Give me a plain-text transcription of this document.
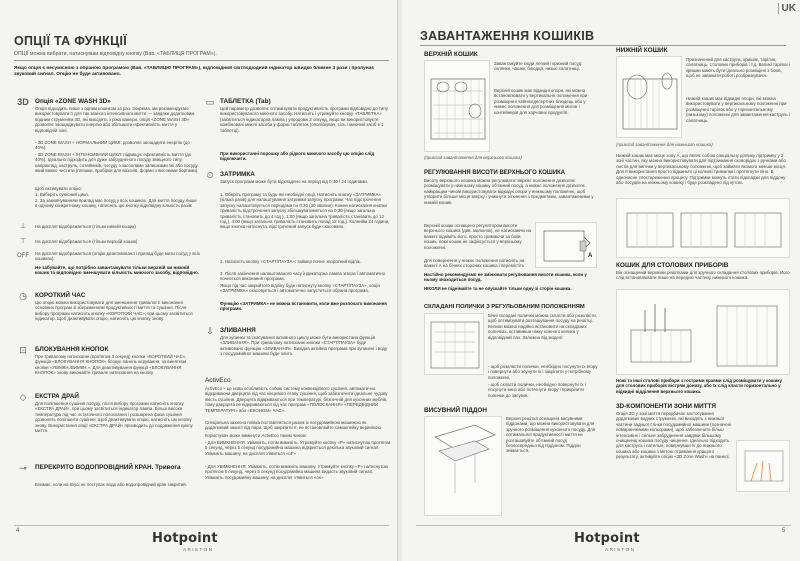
ОПЦІЇ ТА ФУНКЦІЇ
ОПЦІЇ можна вибрати, натиснувши відповідну кнопку (Вав. «ТАБЛИЦЯ ПРОГРАМ»).
Якщо опція є несумісною з обраною програмою (Вав. «ТАБЛИЦЮ ПРОГРАМ»), відповідний світлодіодний індикатор швидко блимне 3 рази і пролунає звуковий сигнал. Опцію не буде активовано.
3D Опція «ZONE WASH 3D»
Опція підходить лише з одним кошиком за раз. Зокрема, ми рекомендуємо використовувати її для так званого інтенсивного миття — завдяки додатковим водним струменям 3D, які виходять з ріжа камери, опція «ZONE WASH 3D» дозволяє заощаджувати енергію або збільшити ефективність миття у відповідній зоні.
- 3D ZONE WASH + НОРМАЛЬНИЙ ЦИКЛ: дозволяє заощадити енергію (до 40%).
- 3D ZONE WASH + ІНТЕНСИВНИЙ ЦИКЛ: підвищує ефективність миття (до 40%). Ідеально підходить для дуже забрудненого посуду звищного типу, наприклад, каструль, сотейників, посуду з засохлими залишками їжі або посуду, який важко чистити (пляшки, пробірки для вазонів, форми з високими бортами).
Щоб активувати опцію:
1. Виберіть сумісний цикл.
2. За замовчуванням прилад має посуд у всіх кошиках. Для миття посуду лише в одному конкретному кошику, натисніть цю кнопку відповідну кількість разів:
⊥	На дисплеї відображається (тільки нижній кошик)
⊤	На дисплеї відображається (тільки верхній кошик)
OFF	На дисплеї відображається (опцію деактивовано і прилад буде мити посуд у всіх кошиках).
Не забувайте, що потрібно завантажувати тільки верхній чи нижній кошик та відповідно зменшувати кількість миючого засобу, відповідно.
◷	КОРОТКИЙ ЧАС
Цю опцію можна використовувати для зменшення тривалості виконання основних програм зі збереженням продуктивності миття та сушіння. Після вибору програми натисніть кнопку «КОРОТКИЙ ЧАС», при цьому засвітиться індикатор. Щоб деактивувати опцію, натисніть цю кнопку знову.
⊡	БЛОКУВАННЯ КНОПОК
При тривалому натисканні (протягом 3 секунд) кнопки «КОРОТКИЙ ЧАС», функція «БЛОКУВАННЯ КНОПОК» блокує панель керування, за винятком кнопки «УВІМКН./ВИМКН.». Для деактивування функції «БЛОКУВАННЯ КНОПОК» знову виконайте тривале натискання на кнопку.
◇	ЕКСТРА ДРАЙ
Для поліпшення сушіння посуду, після вибору програми натисніть кнопку «ЕКСТРА ДРАЙ», при цьому засвітиться індикатор лампа. Більш висока температура під час остаточного полоскання і розширена фаза сушіння дозволять поліпшити сушіння. Щоб деактивувати опцію, натисніть цю кнопку знову. Використання опції «ЕКСТРА ДРАЙ» призводить до подовження циклу миття.
⊸	ПЕРЕКРИТО ВОДОПРОВІДНИЙ КРАН. Тривога
Блимає, коли на вхусі не поступає вода або водопровідний кран закритий.
▭ ТАБЛЕТКА (Tab)
Цей параметр дозволяє оптимізувати продуктивність програми відповідно до типу використовуваного миючого засобу. Натисніть і утримуйте кнопку «ТАБЛЕТКА» (засвітиться індикаторна лампа ) упродовж 3 секунд, якщо ви використовуєте комбіновані миючі засоби у формі таблеток (ополіскувач, сіль і миючий засіб в 1 таблетці).
При використанні порошку або рідкого миючого засобу цю опцію слід відключити.
⏲	ЗАТРИМКА
Запуск програми може бути відкладено на період від 0:30 / 24 годинами.
1. Оберіть програму та будь-які необхідні опції. Натисніть кнопку «ЗАТРИМКА» (кілька разів) для налаштування затримки запуску програми. Час відстрочення запуску налаштовується періодами по 0:30 (30 хвилин). Кожне натискання кнопки тривалість відстрочення запуску збільшуватиметься на 0:30 (якщо загальна тривалість становить до 4 год.), 1:00 (якщо загальна тривалість становить до 12 год.), 4:00 (якщо загальна тривалість становить понад 12 год.). Колнийм 24 години, якщо кнопка натиснута, відстрочений запуск буде скасовано.
2. Натисніть кнопку «СТАРТ/ПАУЗА»: таймер почне зворотний відлік.
3. Після закінчення налаштованого часу індикаторна лампа згасає і автоматично почнеться виконання програми.
Якщо під час закрийтого відліку буде натиснуту кнопку «СТАРТ/ПАУЗА», опція «ЗАТРИМКА» скасовується і автоматично запуститься обрана програма.
Функцію «ЗАТРИМКА» не можна встановити, коли вже розпочато виконання програми.
⇩ ЗЛИВАННЯ
Для зупинки та скасування активного циклу може бути використана функція «ЗЛИВАННЯ». При тривалому натисканні кнопки «СТАРТ/ПАУЗА» буде активовано функцію «ЗЛИВАННЯ». Вихідна активна програма при зупинені і воду з посудомийної машини буде злито.
ActivEco
ActivEco – це нова особливість собою систему конвекційного сушіння, автоматично відкриваючи дверцята під час кінцевого етапу сушіння, щоб забезпечити ідеальне чудову якість сушіння. Дверцята відкриваються при температурі, безпечній для кухонних меблів, тому дверцята не відкриваються під час програмі «ПОЛОСКАННЯ» «ПЕРЕДВІДНИЙ ТЕМПЕРАТУРІ» або «ЕКОНОМ» ЧАС».
Спеціальна захисна плівка поставляється разом із посудомийною машиною як додатковий захист від пари. Щоб закріпити її, не встановлюйте самоклейку вериніхою
Користувач може вимкнути ActivEco таким чином:
- Для ВИМКНЕННЯ. Увімкніть, потім вимкніть. Утримуйте кнопку «P» натиснутою протягом 5 секунд, через 5 секунд посудомийна машина відкриється декілька звуковий сигнал. Увімкніть машину, на дисплеї з'явиться «oF»
- Для УВІМКНЕННЯ. Увімкніть, потім вимкніть машину. Утримуйте кнопку «P» натиснутою протягом 5 секунд, через 5 секунд посудомийна машина видасть звуковий сигнал. Увімкніть посудомийну машину, на дисплеї з'явиться «on»
4	Hotpoint
ARISTON
UK
ЗАВАНТАЖЕННЯ КОШИКІВ
ВЕРХНІЙ КОШИК
Завантажуйте сюди легкий і крихкий посуд: склянки, чашки, блюдця, низькі салатниці.
Верхній кошик має відкидні опори, які можна встановлювати у вертикальне положення при розміщенні чайних/десертних блюдець або у нижнє положення для розміщення мисок і контейнерів для харчових продуктів.
(приклад завантаження для верхнього кошика)
РЕГУЛЮВАННЯ ВИСОТИ ВЕРХНЬОГО КОШИКА
Висоту верхнього кошика можна регулювати: верхнє положення дозволяє розміщувати у нижньому кошику об'ємний посуд, а нижнє положення дозволяє найкращим чином використовувати відкидні опори у нижньому положенні, щоб утворити більше місця зверху і уникнути зіткнення з предметами, завантаженими у нижній кошик.
Верхній кошик оснащено регулятором висоти верхнього кошика (див. малюнок), не натискаючи на важелі підніміть його, просто тримаючи за боки кошик, поки кошик не зафіксується у верхньому положенні.
A
Для повернення у нижнє положення натисніть на важелі А на бічних сторонах кошика і перемістіть
Настійно рекомендуємо не змінювати регулювання висоти кошика, коли у ньому знаходиться посуд.
НІКОЛИ не піднімайте та не опускайте тільки одну зі сторін кошика.
СКЛАДАНІ ПОЛИЧКИ З РЕГУЛЬОВАНИМ ПОЛОЖЕННЯМ
Бічні складані полички можна скласти або розкласти, щоб оптимізувати розташування посуду на решітці. Келихи можна надійно встановити на складаних поличках, вставивши ніжку кожного келиха у відповідний паз. Залежно від моделі:
- щоб розкласти полички, необхідно посунути їх вгору і повернути або зсунути їх і закріпити у потрібному положенні,
- щоб скласти полички, необхідно повернути їх і посунути вниз або потягнути вгору і прикріпити полички до засувок.
ВИСУВНИЙ ПІДДОН
Верхня решітка оснащена висувними піддонами, що можна використовувати для зручного розміщення кухонного посуду. Для оптимальної продуктивності миття не розташовуйте об'ємний посуд безпосередньо під піддоном. Піддон знімається.
НИЖНІЙ КОШИК
Призначений для каструль, кришок, тарілок, салатниць, столових приборів і т.д. Великі тарілки і кришки мають бути ідеально розміщені з боків, щоб не заважати роботі розбризкувача.
Нижній кошик має відкидні опори, які можна використовувати у вертикальному положенні при розміщенні тарілок або у горизонтальному (низькому) положенні для завантаження каструль і салатниць.
(приклад завантаження для нижнього кошика)
Нижній кошик має місце зону А, що являє собою спеціальну ділянку підтримку у 2 зоні частин, яку можна використовувати для підтримання сковорідок з ручками або листів для випічки у вертикальному положенні, щоб займати якомога менше місця. Для її використання просто відкиньте ці колкові трималки і протягнути піно. В одночасне спостереження процесу. Підтримки можуть стати підкладки для піддону або посудки на нижньому кошику і буде розкладено під кутом.
КОШИК ДЛЯ СТОЛОВИХ ПРИБОРІВ
Він оснащений верхніми решітками для зручного складання столових приборів. Його слід встановлювати лише на передню частину нижнього кошика.
Ножі та інші столові прибори з гострими краями слід розміщувати у кошику для столових приборів вістрям донизу, або їх слід класти горизонтально у відкидні відділення верхнього кошика.
3D-КОМПОНЕНТИ ЗОНИ МИТТЯ
Опція 3D у зоні миття передбачає застосування додаткових водних струменів, які виходять з нижньої частини задньої стінки посудомийної машини (позначені помаранчевими кольорами), щоб забезпечити більш інтенсивне і сильне забруднення завдяки більшому очищенню кошика посуду чищення. Ідеально підходить для каструль і пательні, повернувши їх до нижнього кошика або кошика з метою отримання кращого результату, активуйте опцію «3D Zone Wash» на панелі.
Hotpoint
ARISTON
5
